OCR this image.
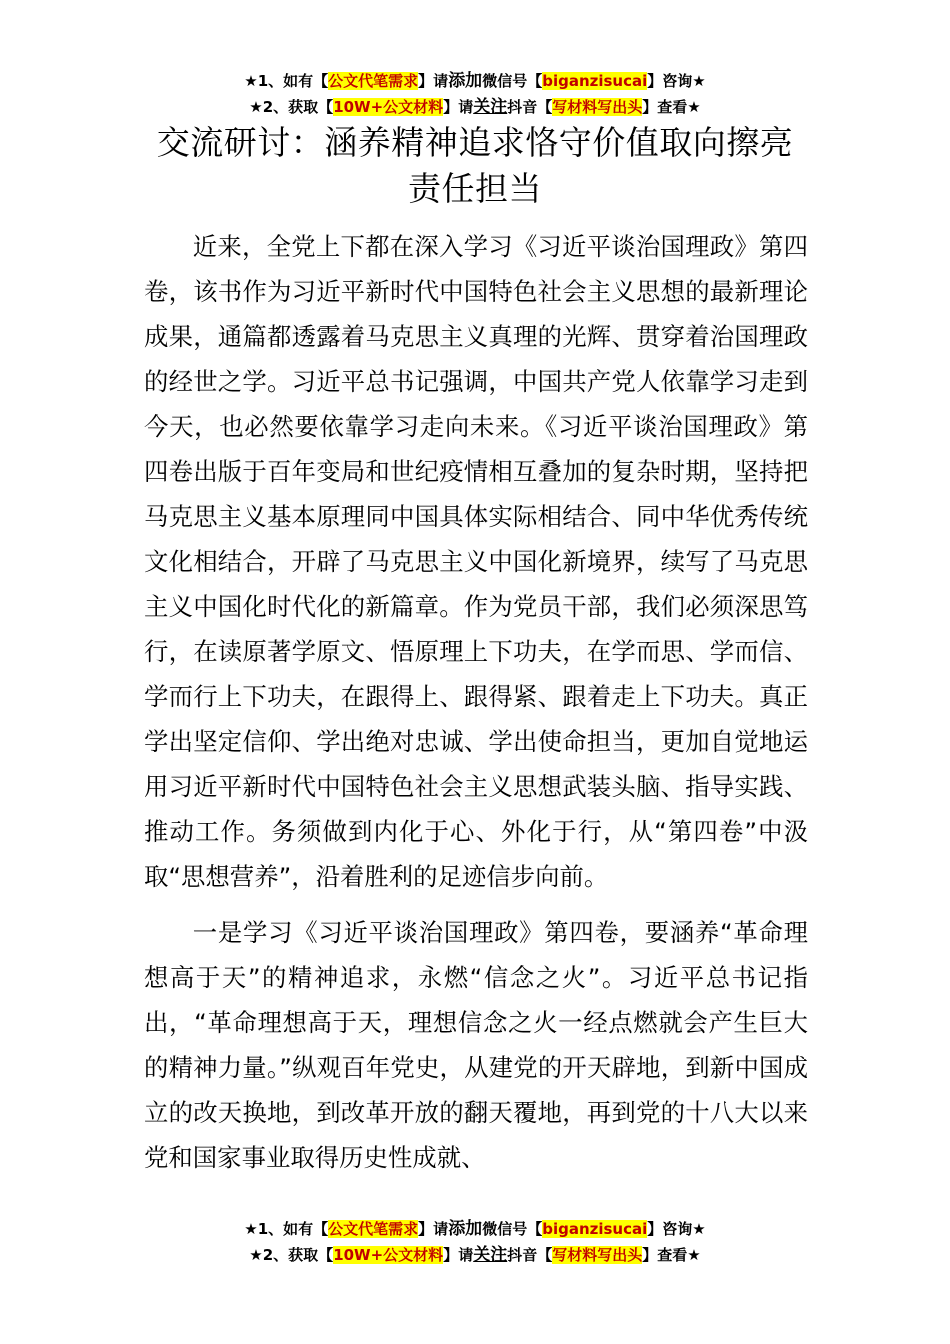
★1、如有【公文代笔需求】请添加微信号【biganzisucai】咨询★
★2、获取【10W+公文材料】请关注抖音【写材料写出头】查看★
交流研讨：涵养精神追求恪守价值取向擦亮
责任担当

近来，全党上下都在深入学习《习近平谈治国理政》第四卷，该书作为习近平新时代中国特色社会主义思想的最新理论成果，通篇都透露着马克思主义真理的光辉、贯穿着治国理政的经世之学。习近平总书记强调，中国共产党人依靠学习走到今天，也必然要依靠学习走向未来。《习近平谈治国理政》第四卷出版于百年变局和世纪疫情相互叠加的复杂时期，坚持把马克思主义基本原理同中国具体实际相结合、同中华优秀传统文化相结合，开辟了马克思主义中国化新境界，续写了马克思主义中国化时代化的新篇章。作为党员干部，我们必须深思笃行，在读原著学原文、悟原理上下功夫，在学而思、学而信、学而行上下功夫，在跟得上、跟得紧、跟着走上下功夫。真正学出坚定信仰、学出绝对忠诚、学出使命担当，更加自觉地运用习近平新时代中国特色社会主义思想武装头脑、指导实践、推动工作。务须做到内化于心、外化于行，从“第四卷”中汲取“思想营养”，沿着胜利的足迹信步向前。

一是学习《习近平谈治国理政》第四卷，要涵养“革命理想高于天”的精神追求，永燃“信念之火”。习近平总书记指出，“革命理想高于天，理想信念之火一经点燃就会产生巨大的精神力量。”纵观百年党史，从建党的开天辟地，到新中国成立的改天换地，到改革开放的翻天覆地，再到党的十八大以来党和国家事业取得历史性成就、

★1、如有【公文代笔需求】请添加微信号【biganzisucai】咨询★
★2、获取【10W+公文材料】请关注抖音【写材料写出头】查看★
